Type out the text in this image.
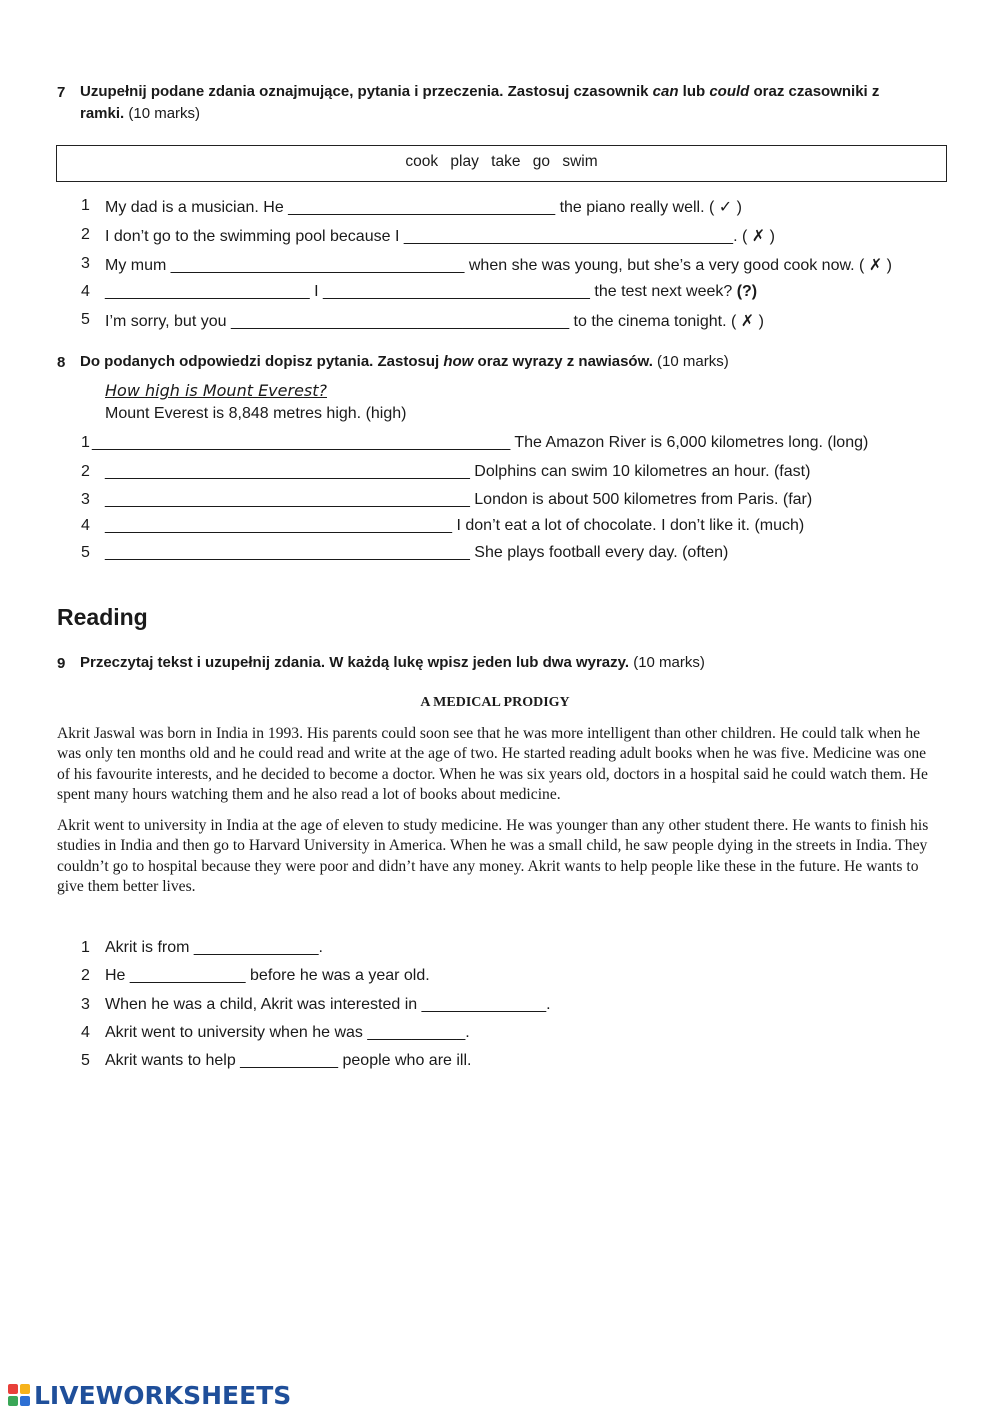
7 Uzupełnij podane zdania oznajmujące, pytania i przeczenia. Zastosuj czasownik can lub could oraz czasowniki z ramki. (10 marks)
cook play take go swim
1 My dad is a musician. He ______________________________ the piano really well. ( ✓ )
2 I don’t go to the swimming pool because I _____________________________________. ( ✗ )
3 My mum _________________________________ when she was young, but she’s a very good cook now. ( ✗ )
4 _______________________ I ______________________________ the test next week? (?)
5 I’m sorry, but you ______________________________________ to the cinema tonight. ( ✗ )
8 Do podanych odpowiedzi dopisz pytania. Zastosuj how oraz wyrazy z nawiasów. (10 marks)
How high is Mount Everest?
Mount Everest is 8,848 metres high. (high)
1 _______________________________________________ The Amazon River is 6,000 kilometres long. (long)
2 _________________________________________ Dolphins can swim 10 kilometres an hour. (fast)
3 _________________________________________ London is about 500 kilometres from Paris. (far)
4 _______________________________________ I don’t eat a lot of chocolate. I don’t like it. (much)
5 _________________________________________ She plays football every day. (often)
Reading
9 Przeczytaj tekst i uzupełnij zdania. W każdą lukę wpisz jeden lub dwa wyrazy. (10 marks)
A MEDICAL PRODIGY
Akrit Jaswal was born in India in 1993. His parents could soon see that he was more intelligent than other children. He could talk when he was only ten months old and he could read and write at the age of two. He started reading adult books when he was five. Medicine was one of his favourite interests, and he decided to become a doctor. When he was six years old, doctors in a hospital said he could watch them. He spent many hours watching them and he also read a lot of books about medicine.
Akrit went to university in India at the age of eleven to study medicine. He was younger than any other student there. He wants to finish his studies in India and then go to Harvard University in America. When he was a small child, he saw people dying in the streets in India. They couldn’t go to hospital because they were poor and didn’t have any money. Akrit wants to help people like these in the future. He wants to give them better lives.
1 Akrit is from ______________.
2 He _____________ before he was a year old.
3 When he was a child, Akrit was interested in ______________.
4 Akrit went to university when he was ___________.
5 Akrit wants to help ___________ people who are ill.
LIVEWORKSHEETS
